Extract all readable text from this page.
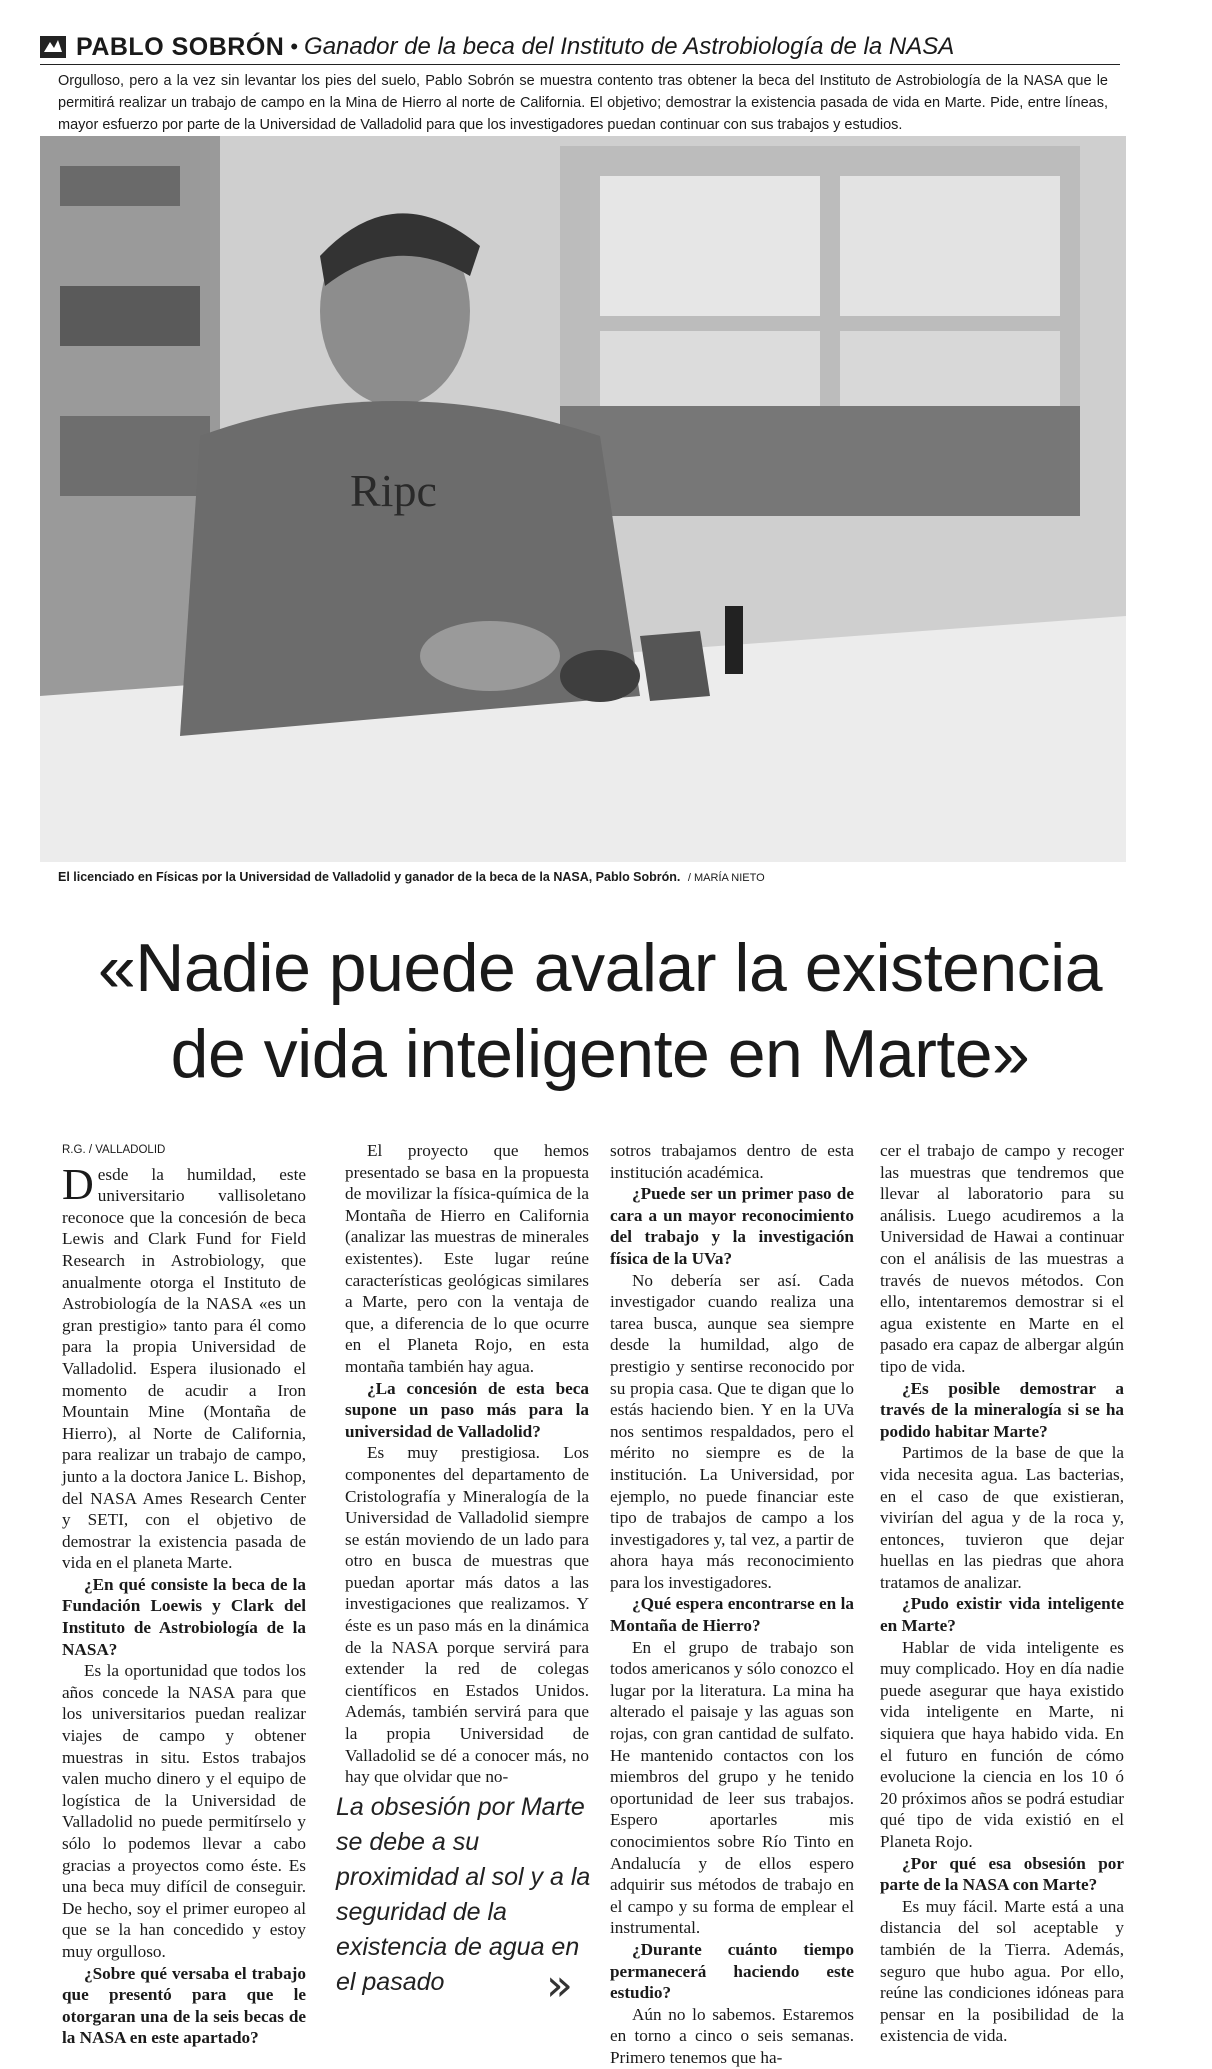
PABLO SOBRÓN • Ganador de la beca del Instituto de Astrobiología de la NASA

Orgulloso, pero a la vez sin levantar los pies del suelo, Pablo Sobrón se muestra contento tras obtener la beca del Instituto de Astrobiología de la NASA que le permitirá realizar un trabajo de campo en la Mina de Hierro al norte de California. El objetivo; demostrar la existencia pasada de vida en Marte. Pide, entre líneas, mayor esfuerzo por parte de la Universidad de Valladolid para que los investigadores puedan continuar con sus trabajos y estudios.

Ripc
El licenciado en Físicas por la Universidad de Valladolid y ganador de la beca de la NASA, Pablo Sobrón. / MARÍA NIETO
«Nadie puede avalar la existencia
de vida inteligente en Marte»

R.G. / VALLADOLID

Desde la humildad, este universitario vallisoletano reconoce que la concesión de beca Lewis and Clark Fund for Field Research in Astrobiology, que anualmente otorga el Instituto de Astrobiología de la NASA «es un gran prestigio» tanto para él como para la propia Universidad de Valladolid. Espera ilusionado el momento de acudir a Iron Mountain Mine (Montaña de Hierro), al Norte de California, para realizar un trabajo de campo, junto a la doctora Janice L. Bishop, del NASA Ames Research Center y SETI, con el objetivo de demostrar la existencia pasada de vida en el planeta Marte.

¿En qué consiste la beca de la Fundación Loewis y Clark del Instituto de Astrobiología de la NASA?

Es la oportunidad que todos los años concede la NASA para que los universitarios puedan realizar viajes de campo y obtener muestras in situ. Estos trabajos valen mucho dinero y el equipo de logística de la Universidad de Valladolid no puede permitírselo y sólo lo podemos llevar a cabo gracias a proyectos como éste. Es una beca muy difícil de conseguir. De hecho, soy el primer europeo al que se la han concedido y estoy muy orgulloso.

¿Sobre qué versaba el trabajo que presentó para que le otorgaran una de la seis becas de la NASA en este apartado?

El proyecto que hemos presentado se basa en la propuesta de movilizar la física-química de la Montaña de Hierro en California (analizar las muestras de minerales existentes). Este lugar reúne características geológicas similares a Marte, pero con la ventaja de que, a diferencia de lo que ocurre en el Planeta Rojo, en esta montaña también hay agua.

¿La concesión de esta beca supone un paso más para la universidad de Valladolid?

Es muy prestigiosa. Los componentes del departamento de Cristolografía y Mineralogía de la Universidad de Valladolid siempre se están moviendo de un lado para otro en busca de muestras que puedan aportar más datos a las investigaciones que realizamos. Y éste es un paso más en la dinámica de la NASA porque servirá para extender la red de colegas científicos en Estados Unidos. Además, también servirá para que la propia Universidad de Valladolid se dé a conocer más, no hay que olvidar que no-

La obsesión por Marte se debe a su proximidad al sol y a la seguridad de la existencia de agua en el pasado	»

sotros trabajamos dentro de esta institución académica.

¿Puede ser un primer paso de cara a un mayor reconocimiento del trabajo y la investigación física de la UVa?

No debería ser así. Cada investigador cuando realiza una tarea busca, aunque sea siempre desde la humildad, algo de prestigio y sentirse reconocido por su propia casa. Que te digan que lo estás haciendo bien. Y en la UVa nos sentimos respaldados, pero el mérito no siempre es de la institución. La Universidad, por ejemplo, no puede financiar este tipo de trabajos de campo a los investigadores y, tal vez, a partir de ahora haya más reconocimiento para los investigadores.

¿Qué espera encontrarse en la Montaña de Hierro?

En el grupo de trabajo son todos americanos y sólo conozco el lugar por la literatura. La mina ha alterado el paisaje y las aguas son rojas, con gran cantidad de sulfato. He mantenido contactos con los miembros del grupo y he tenido oportunidad de leer sus trabajos. Espero aportarles mis conocimientos sobre Río Tinto en Andalucía y de ellos espero adquirir sus métodos de trabajo en el campo y su forma de emplear el instrumental.

¿Durante cuánto tiempo permanecerá haciendo este estudio?

Aún no lo sabemos. Estaremos en torno a cinco o seis semanas. Primero tenemos que ha-

cer el trabajo de campo y recoger las muestras que tendremos que llevar al laboratorio para su análisis. Luego acudiremos a la Universidad de Hawai a continuar con el análisis de las muestras a través de nuevos métodos. Con ello, intentaremos demostrar si el agua existente en Marte en el pasado era capaz de albergar algún tipo de vida.

¿Es posible demostrar a través de la mineralogía si se ha podido habitar Marte?

Partimos de la base de que la vida necesita agua. Las bacterias, en el caso de que existieran, vivirían del agua y de la roca y, entonces, tuvieron que dejar huellas en las piedras que ahora tratamos de analizar.

¿Pudo existir vida inteligente en Marte?

Hablar de vida inteligente es muy complicado. Hoy en día nadie puede asegurar que haya existido vida inteligente en Marte, ni siquiera que haya habido vida. En el futuro en función de cómo evolucione la ciencia en los 10 ó 20 próximos años se podrá estudiar qué tipo de vida existió en el Planeta Rojo.

¿Por qué esa obsesión por parte de la NASA con Marte?

Es muy fácil. Marte está a una distancia del sol aceptable y también de la Tierra. Además, seguro que hubo agua. Por ello, reúne las condiciones idóneas para pensar en la posibilidad de la existencia de vida.
